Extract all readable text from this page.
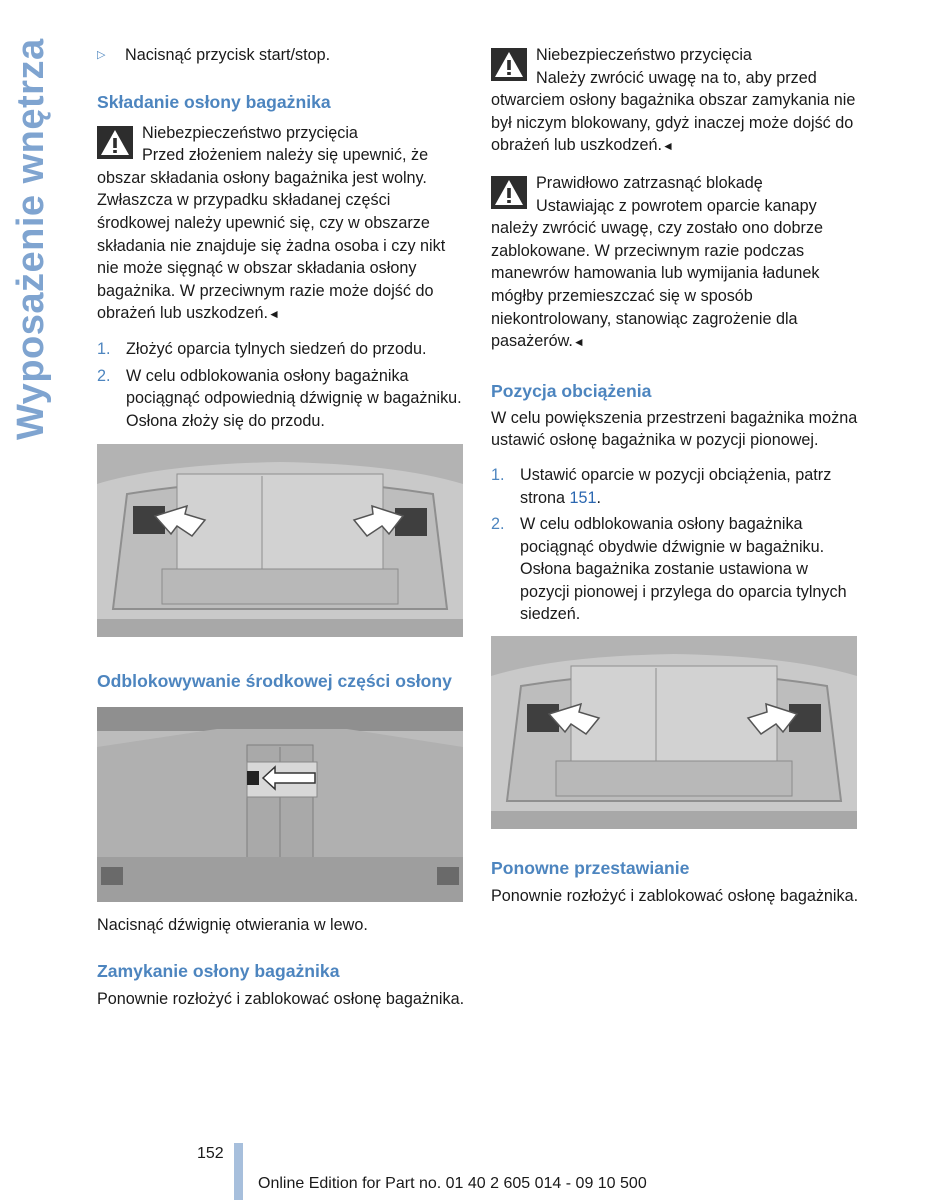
Wyposażenie wnętrza	▷	Nacisnąć przycisk start/stop.
Składanie osłony bagażnika

Niebezpieczeństwo przycięcia

Przed złożeniem należy się upewnić, że obszar składania osłony bagażnika jest wolny. Zwłaszcza w przypadku składanej części środkowej należy upewnić się, czy w obszarze składania nie znajduje się żadna osoba i czy nikt nie może sięgnąć w obszar składania osłony bagażnika. W przeciwnym razie może dojść do obrażeń lub uszkodzeń.◄

1. Złożyć oparcia tylnych siedzeń do przodu.
2. W celu odblokowania osłony bagażnika pociągnąć odpowiednią dźwignię w bagażniku. Osłona złoży się do przodu.
Odblokowywanie środkowej części osłony

Nacisnąć dźwignię otwierania w lewo.

Zamykanie osłony bagażnika

Ponownie rozłożyć i zablokować osłonę bagażnika.

Niebezpieczeństwo przycięcia

Należy zwrócić uwagę na to, aby przed otwarciem osłony bagażnika obszar zamykania nie był niczym blokowany, gdyż inaczej może dojść do obrażeń lub uszkodzeń.◄

Prawidłowo zatrzasnąć blokadę

Ustawiając z powrotem oparcie kanapy należy zwrócić uwagę, czy zostało ono dobrze zablokowane. W przeciwnym razie podczas manewrów hamowania lub wymijania ładunek mógłby przemieszczać się w sposób niekontrolowany, stanowiąc zagrożenie dla pasażerów.◄

Pozycja obciążenia

W celu powiększenia przestrzeni bagażnika można ustawić osłonę bagażnika w pozycji pionowej.

1. Ustawić oparcie w pozycji obciążenia, patrz strona 151.
2. W celu odblokowania osłony bagażnika pociągnąć obydwie dźwignie w bagażniku. Osłona bagażnika zostanie ustawiona w pozycji pionowej i przylega do oparcia tylnych siedzeń.
Ponowne przestawianie

Ponownie rozłożyć i zablokować osłonę bagażnika.

152
Online Edition for Part no. 01 40 2 605 014 - 09 10 500
